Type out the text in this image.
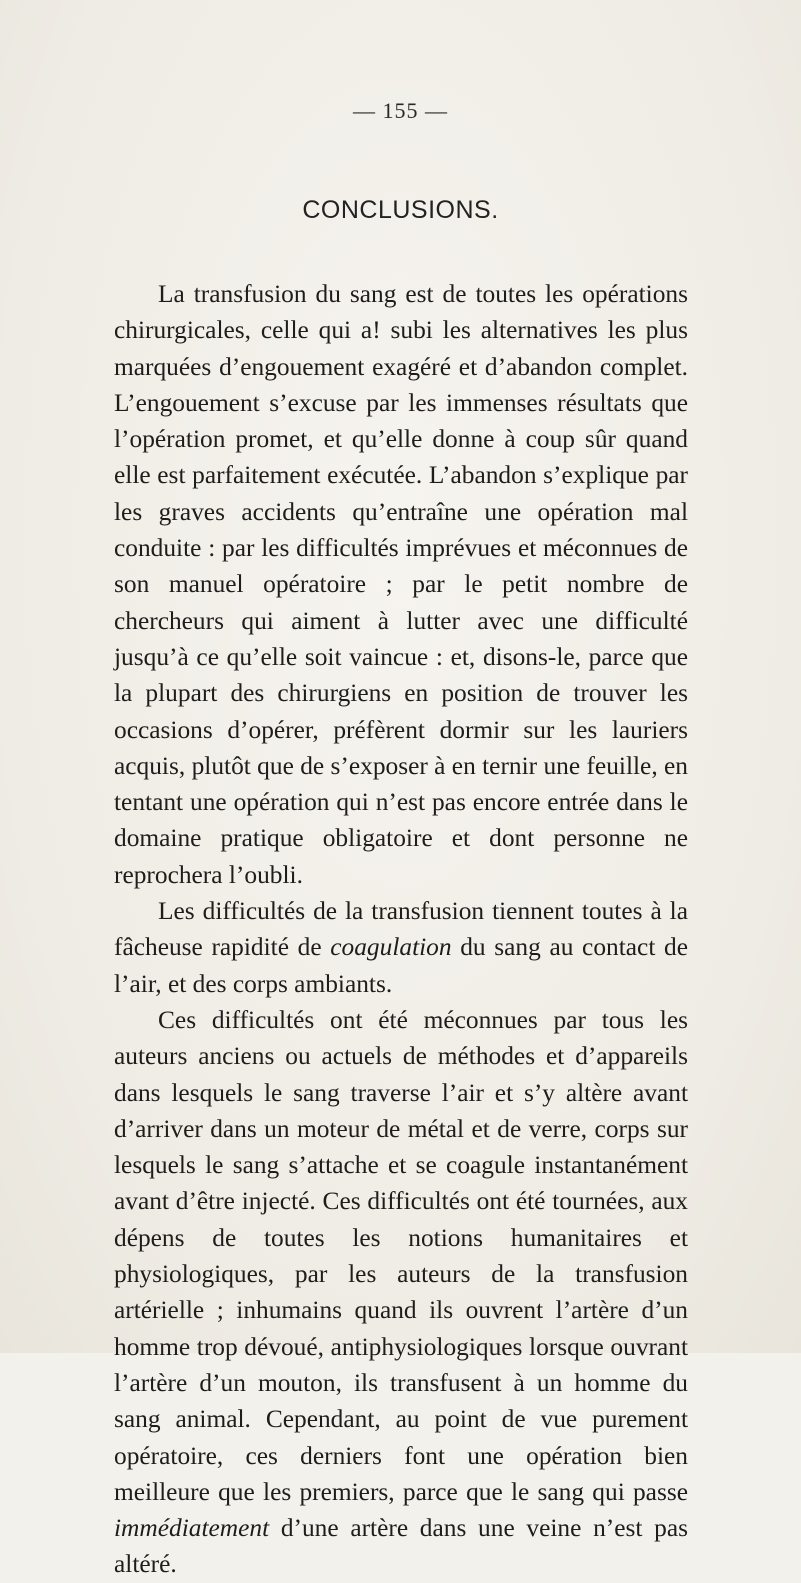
— 155 —
CONCLUSIONS.

La transfusion du sang est de toutes les opérations chirurgicales, celle qui a! subi les alternatives les plus marquées d’engouement exagéré et d’abandon complet. L’engouement s’excuse par les immenses résultats que l’opération promet, et qu’elle donne à coup sûr quand elle est parfaitement exécutée. L’abandon s’explique par les graves accidents qu’entraîne une opération mal conduite : par les difficultés imprévues et méconnues de son manuel opératoire ; par le petit nombre de chercheurs qui aiment à lutter avec une difficulté jusqu’à ce qu’elle soit vaincue : et, disons-le, parce que la plupart des chirurgiens en position de trouver les occasions d’opérer, préfèrent dormir sur les lauriers acquis, plutôt que de s’exposer à en ternir une feuille, en tentant une opération qui n’est pas encore entrée dans le domaine pratique obligatoire et dont personne ne reprochera l’oubli.

Les difficultés de la transfusion tiennent toutes à la fâcheuse rapidité de coagulation du sang au contact de l’air, et des corps ambiants.

Ces difficultés ont été méconnues par tous les auteurs anciens ou actuels de méthodes et d’appareils dans lesquels le sang traverse l’air et s’y altère avant d’arriver dans un moteur de métal et de verre, corps sur lesquels le sang s’attache et se coagule instantanément avant d’être injecté. Ces difficultés ont été tournées, aux dépens de toutes les notions humanitaires et physiologiques, par les auteurs de la transfusion artérielle ; inhumains quand ils ouvrent l’artère d’un homme trop dévoué, antiphysiologiques lorsque ouvrant l’artère d’un mouton, ils transfusent à un homme du sang animal. Cependant, au point de vue purement opératoire, ces derniers font une opération bien meilleure que les premiers, parce que le sang qui passe immédiatement d’une artère dans une veine n’est pas altéré.
